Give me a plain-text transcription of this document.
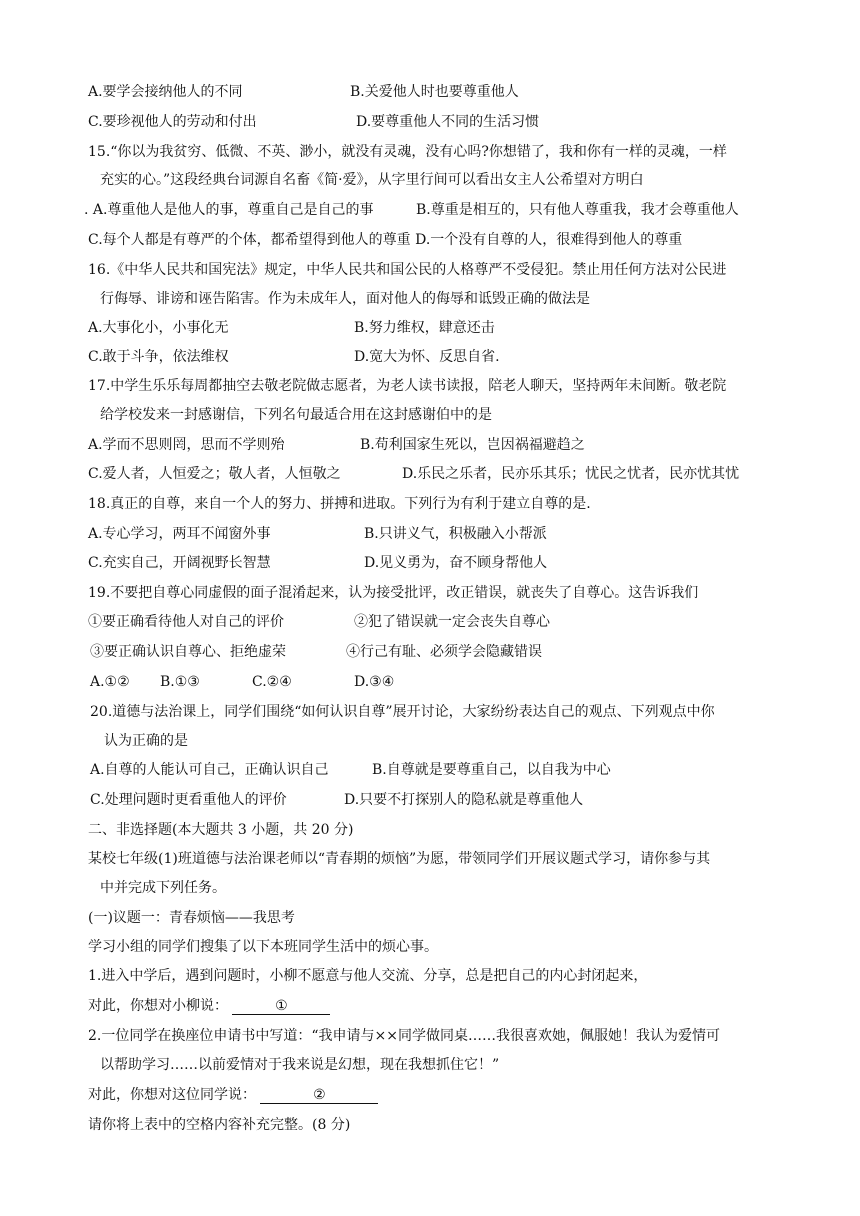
A.要学会接纳他人的不同	B.关爱他人时也要尊重他人
C.要珍视他人的劳动和付出	D.要尊重他人不同的生活习惯
15.“你以为我贫穷、低微、不英、渺小，就没有灵魂，没有心吗?你想错了，我和你有一样的灵魂，一样
充实的心。”这段经典台词源自名畜《简·爱》，从字里行间可以看出女主人公希望对方明白
. A.尊重他人是他人的事，尊重自己是自己的事	B.尊重是相互的，只有他人尊重我，我才会尊重他人
C.每个人都是有尊严的个体，都希望得到他人的尊重 D.一个没有自尊的人，很难得到他人的尊重
16.《中华人民共和国宪法》规定，中华人民共和国公民的人格尊严不受侵犯。禁止用任何方法对公民进
行侮辱、诽谤和诬告陷害。作为未成年人，面对他人的侮辱和诋毁正确的做法是
A.大事化小，小事化无	B.努力维权，肆意还击
C.敢于斗争，依法维权	D.宽大为怀、反思自省.
17.中学生乐乐每周都抽空去敬老院做志愿者，为老人读书读报，陪老人聊天，坚持两年未间断。敬老院
给学校发来一封感谢信，下列名句最适合用在这封感谢伯中的是
A.学而不思则罔，思而不学则殆	B.苟利国家生死以，岂因祸福避趋之
C.爱人者，人恒爱之；敬人者，人恒敬之	D.乐民之乐者，民亦乐其乐；忧民之忧者，民亦忧其忧
18.真正的自尊，来自一个人的努力、拼搏和进取。下列行为有利于建立自尊的是.
A.专心学习，两耳不闻窗外事	B.只讲义气，积极融入小帮派
C.充实自己，开阔视野长智慧	D.见义勇为，奋不顾身帮他人
19.不要把自尊心同虚假的面子混淆起来，认为接受批评，改正错误，就丧失了自尊心。这告诉我们
①要正确看待他人对自己的评价	②犯了错误就一定会丧失自尊心
③要正确认识自尊心、拒绝虚荣	④行己有耻、必须学会隐藏错误
A.①② B.①③	C.②④	D.③④
20.道德与法治课上，同学们围绕“如何认识自尊”展开讨论，大家纷纷表达自己的观点、下列观点中你
认为正确的是
A.自尊的人能认可自己，正确认识自己	B.自尊就是要尊重自己，以自我为中心
C.处理问题时更看重他人的评价	D.只要不打探别人的隐私就是尊重他人
二、非选择题(本大题共 3 小题，共 20 分)
某校七年级(1)班道德与法治课老师以“青春期的烦恼”为愿，带领同学们开展议题式学习，请你参与其
中并完成下列任务。
(一)议题一：青春烦恼——我思考
学习小组的同学们搜集了以下本班同学生活中的烦心事。
1.进入中学后，遇到问题时，小柳不愿意与他人交流、分享，总是把自己的内心封闭起来，
对此，你想对小柳说：	①
2.一位同学在换座位申请书中写道：“我申请与××同学做同桌……我很喜欢她，佩服她！我认为爱情可
以帮助学习……以前爱情对于我来说是幻想，现在我想抓住它！”
对此，你想对这位同学说：	②
请你将上表中的空格内容补充完整。(8 分)
